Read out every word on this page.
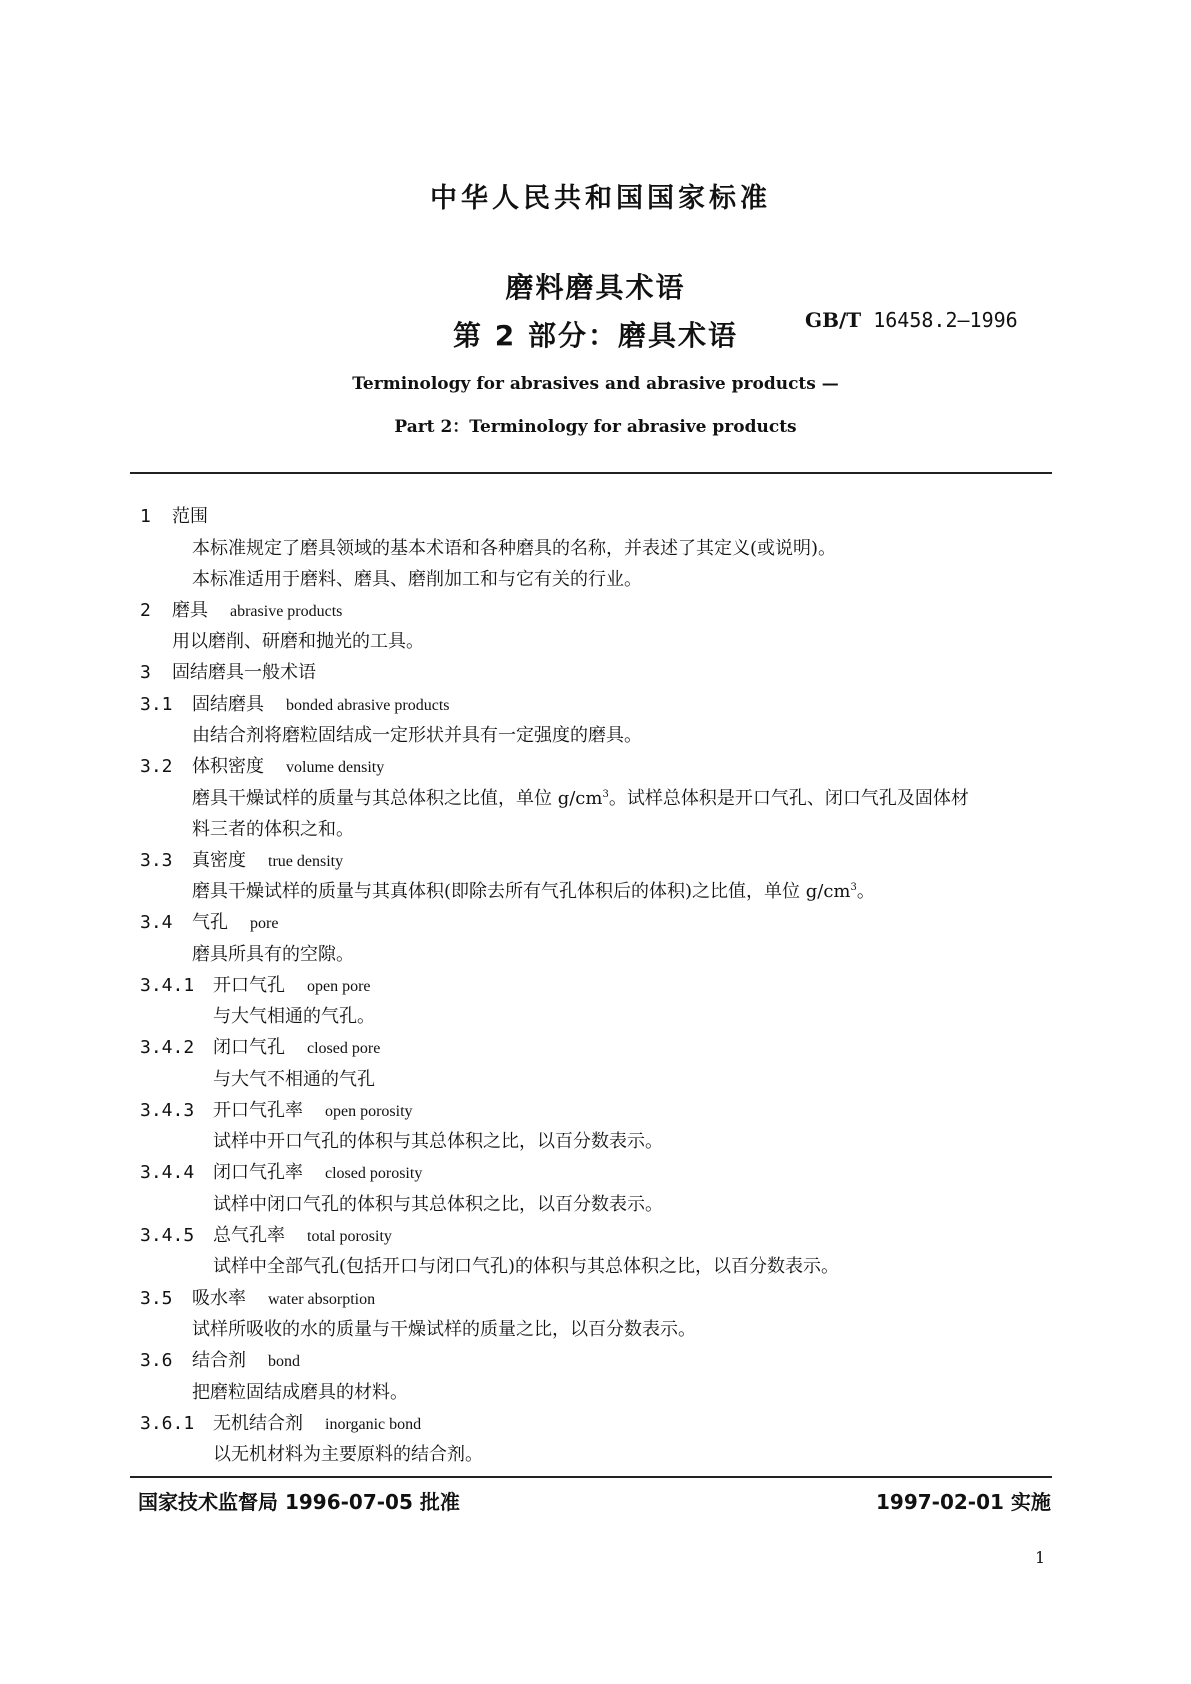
中华人民共和国国家标准
磨料磨具术语
第 2 部分：磨具术语	GB/T 16458.2—1996
Terminology for abrasives and abrasive products —
Part 2：Terminology for abrasive products
1 范围
本标准规定了磨具领域的基本术语和各种磨具的名称，并表述了其定义(或说明)。
本标准适用于磨料、磨具、磨削加工和与它有关的行业。
2 磨具 abrasive products
用以磨削、研磨和抛光的工具。
3 固结磨具一般术语
3.1 固结磨具 bonded abrasive products
由结合剂将磨粒固结成一定形状并具有一定强度的磨具。
3.2 体积密度 volume density
磨具干燥试样的质量与其总体积之比值，单位 $g/cm^3$。试样总体积是开口气孔、闭口气孔及固体材
料三者的体积之和。
3.3 真密度 true density
磨具干燥试样的质量与其真体积(即除去所有气孔体积后的体积)之比值，单位 $g/cm^3$。
3.4 气孔 pore
磨具所具有的空隙。
3.4.1 开口气孔 open pore
与大气相通的气孔。
3.4.2 闭口气孔 closed pore
与大气不相通的气孔
3.4.3 开口气孔率 open porosity
试样中开口气孔的体积与其总体积之比，以百分数表示。
3.4.4 闭口气孔率 closed porosity
试样中闭口气孔的体积与其总体积之比，以百分数表示。
3.4.5 总气孔率 total porosity
试样中全部气孔(包括开口与闭口气孔)的体积与其总体积之比，以百分数表示。
3.5 吸水率 water absorption
试样所吸收的水的质量与干燥试样的质量之比，以百分数表示。
3.6 结合剂 bond
把磨粒固结成磨具的材料。
3.6.1 无机结合剂 inorganic bond
以无机材料为主要原料的结合剂。
国家技术监督局 1996-07-05 批准	1997-02-01 实施
1
